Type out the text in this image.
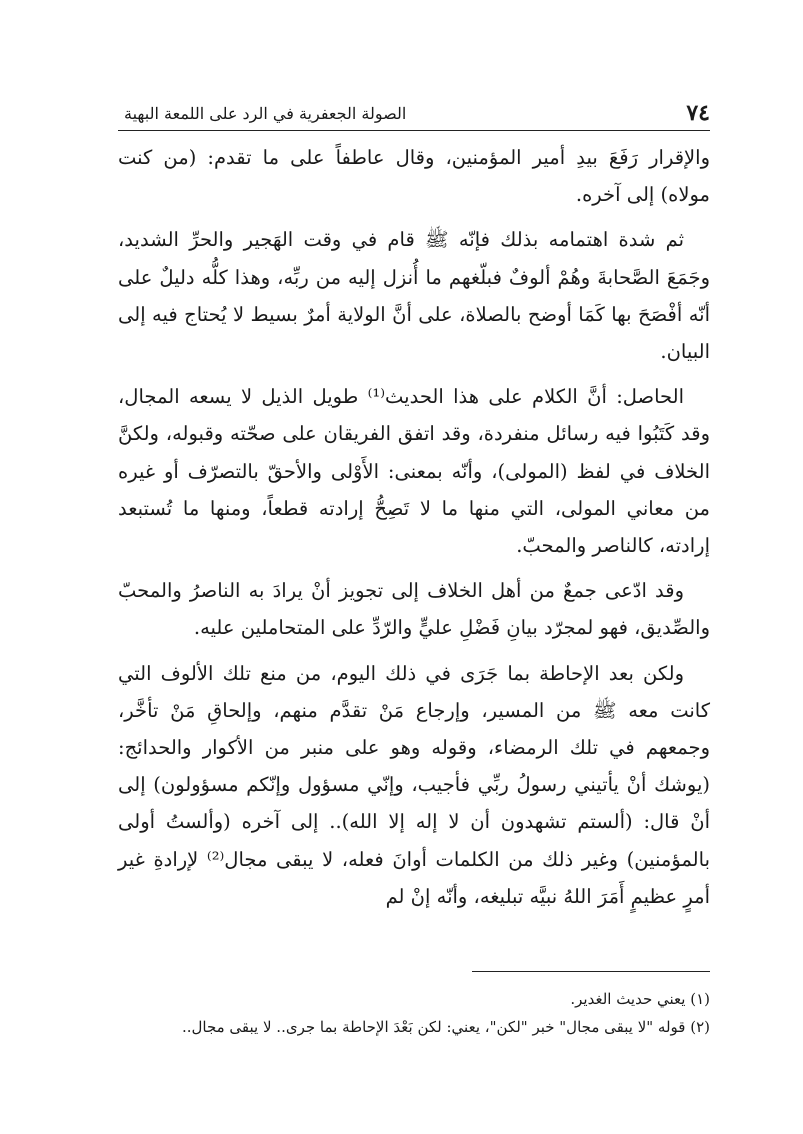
٧٤
الصولة الجعفرية في الرد على اللمعة البهية

والإقرار رَفَعَ بيدِ أمير المؤمنين، وقال عاطفاً على ما تقدم: (من كنت مولاه) إلى آخره.

ثم شدة اهتمامه بذلك فإنّه ﷺ قام في وقت الهَجير والحرِّ الشديد، وجَمَعَ الصَّحابةَ وهُمْ ألوفٌ فبلّغهم ما أُنزل إليه من ربِّه، وهذا كلُّه دليلٌ على أنّه أفْصَحَ بها كَمَا أوضح بالصلاة، على أنَّ الولاية أمرٌ بسيط لا يُحتاج فيه إلى البيان.

الحاصل: أنَّ الكلام على هذا الحديث⁽¹⁾ طويل الذيل لا يسعه المجال، وقد كَتَبُوا فيه رسائل منفردة، وقد اتفق الفريقان على صحّته وقبوله، ولكنَّ الخلاف في لفظ (المولى)، وأنّه بمعنى: الأَوْلى والأحقّ بالتصرّف أو غيره من معاني المولى، التي منها ما لا تَصِحُّ إرادته قطعاً، ومنها ما تُستبعد إرادته، كالناصر والمحبّ.

وقد ادّعى جمعٌ من أهل الخلاف إلى تجويز أنْ يرادَ به الناصرُ والمحبّ والصِّديق، فهو لمجرّد بيانِ فَضْلِ عليٍّ والرّدِّ على المتحاملين عليه.

ولكن بعد الإحاطة بما جَرَى في ذلك اليوم، من منع تلك الألوف التي كانت معه ﷺ من المسير، وإرجاع مَنْ تقدَّم منهم، وإلحاقِ مَنْ تأخَّر، وجمعهم في تلك الرمضاء، وقوله وهو على منبر من الأكوار والحدائج: (يوشك أنْ يأتيني رسولُ ربِّي فأجيب، وإنّي مسؤول وإنّكم مسؤولون) إلى أنْ قال: (ألستم تشهدون أن لا إله إلا الله).. إلى آخره (وألستُ أولى بالمؤمنين) وغير ذلك من الكلمات أوانَ فعله، لا يبقى مجال⁽²⁾ لإرادةِ غير أمرٍ عظيمٍ أَمَرَ اللهُ نبيَّه تبليغه، وأنّه إنْ لم

(١) يعني حديث الغدير.

(٢) قوله "لا يبقى مجال" خبر "لكن"، يعني: لكن بَعْدَ الإحاطة بما جرى.. لا يبقى مجال..
